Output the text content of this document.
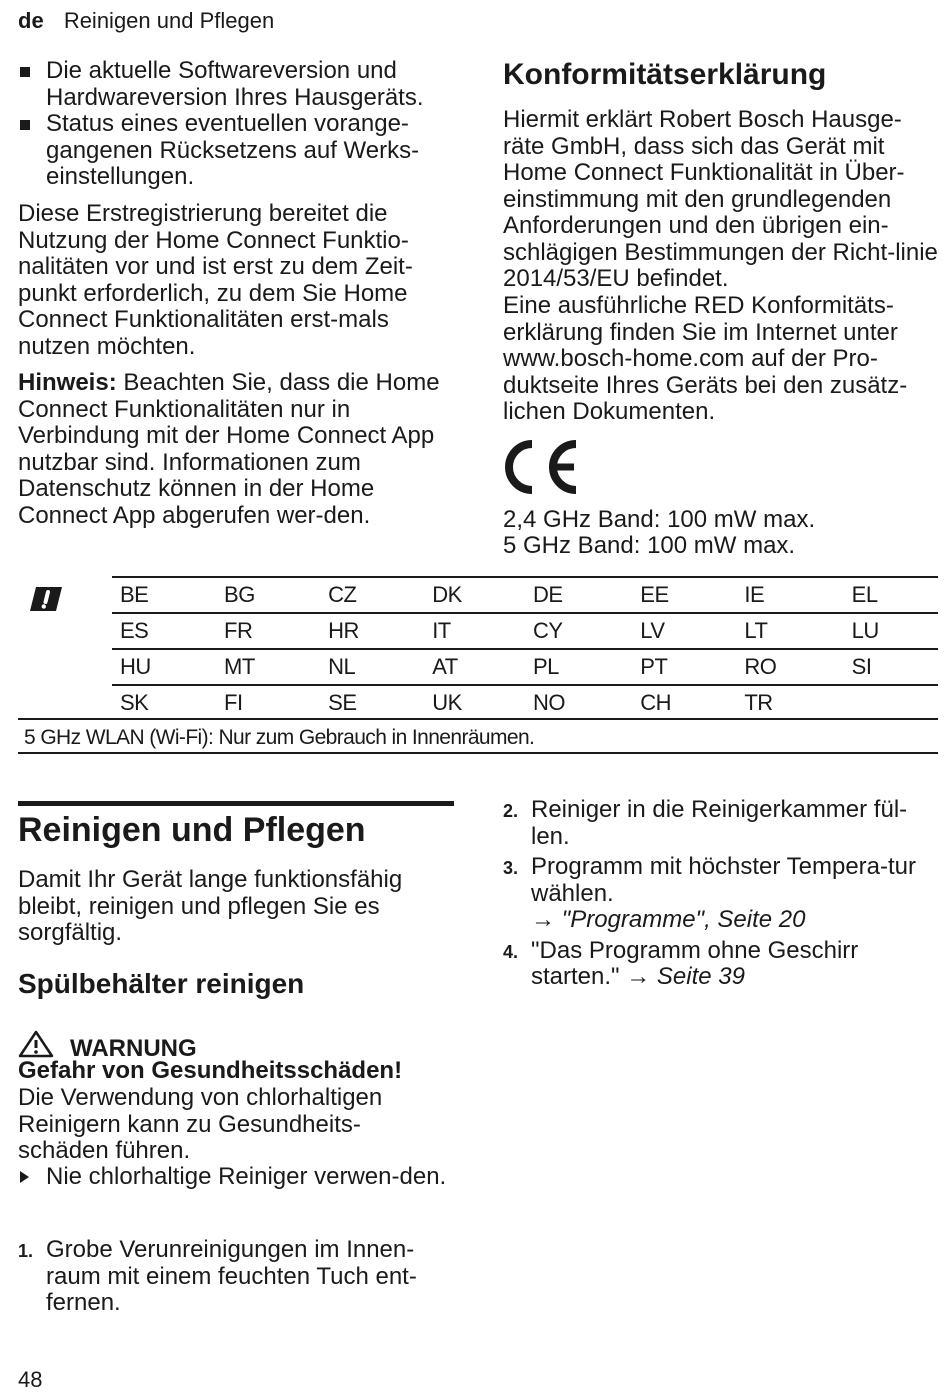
de Reinigen und Pflegen
Die aktuelle Softwareversion und Hardwareversion Ihres Hausgeräts.
Status eines eventuellen vorange-gangenen Rücksetzens auf Werks-einstellungen.

Diese Erstregistrierung bereitet die Nutzung der Home Connect Funktio-nalitäten vor und ist erst zu dem Zeit-punkt erforderlich, zu dem Sie Home Connect Funktionalitäten erst-mals nutzen möchten.

Hinweis: Beachten Sie, dass die Home Connect Funktionalitäten nur in Verbindung mit der Home Connect App nutzbar sind. Informationen zum Datenschutz können in der Home Connect App abgerufen wer-den.

Konformitätserklärung

Hiermit erklärt Robert Bosch Hausge-räte GmbH, dass sich das Gerät mit Home Connect Funktionalität in Über-einstimmung mit den grundlegenden Anforderungen und den übrigen ein-schlägigen Bestimmungen der Richt-linie 2014/53/EU befindet.

Eine ausführliche RED Konformitäts-erklärung finden Sie im Internet unter www.bosch-home.com auf der Pro-duktseite Ihres Geräts bei den zusätz-lichen Dokumenten.

2,4 GHz Band: 100 mW max.
5 GHz Band: 100 mW max.
	BE	BG	CZ	DK	DE	EE	IE	EL
	ES	FR	HR	IT	CY	LV	LT	LU
	HU	MT	NL	AT	PL	PT	RO	SI
	SK	FI	SE	UK	NO	CH	TR	
5 GHz WLAN (Wi-Fi): Nur zum Gebrauch in Innenräumen.
Reinigen und Pflegen

Damit Ihr Gerät lange funktionsfähig bleibt, reinigen und pflegen Sie es sorgfältig.

Spülbehälter reinigen
WARNUNG
Gefahr von Gesundheitsschäden!

Die Verwendung von chlorhaltigen Reinigern kann zu Gesundheits-schäden führen.

Nie chlorhaltige Reiniger verwen-den.
1. Grobe Verunreinigungen im Innen-raum mit einem feuchten Tuch ent-fernen.
2. Reiniger in die Reinigerkammer fül-len.
3. Programm mit höchster Tempera-tur wählen.
→ "Programme", Seite 20
4. "Das Programm ohne Geschirr starten." → Seite 39
48
